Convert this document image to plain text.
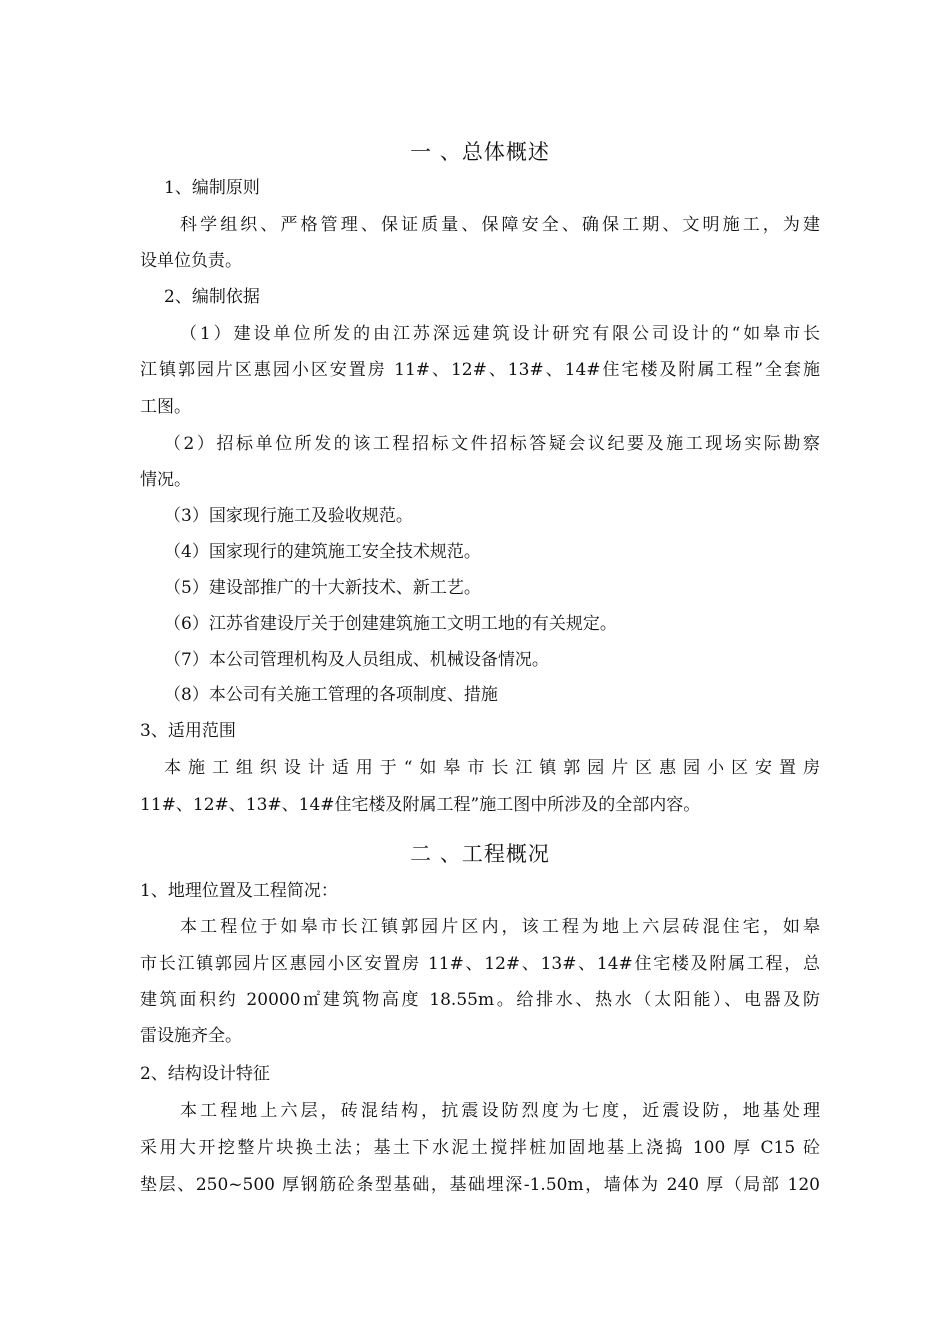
一 、总体概述
1、编制原则
科学组织、严格管理、保证质量、保障安全、确保工期、文明施工，为建
设单位负责。
2、编制依据
（1）建设单位所发的由江苏深远建筑设计研究有限公司设计的“如皋市长
江镇郭园片区惠园小区安置房 11#、12#、13#、14#住宅楼及附属工程”全套施
工图。
（2）招标单位所发的该工程招标文件招标答疑会议纪要及施工现场实际勘察
情况。
（3）国家现行施工及验收规范。
（4）国家现行的建筑施工安全技术规范。
（5）建设部推广的十大新技术、新工艺。
（6）江苏省建设厅关于创建建筑施工文明工地的有关规定。
（7）本公司管理机构及人员组成、机械设备情况。
（8）本公司有关施工管理的各项制度、措施
3、适用范围
本施工组织设计适用于“如皋市长江镇郭园片区惠园小区安置房
11#、12#、13#、14#住宅楼及附属工程”施工图中所涉及的全部内容。
二 、工程概况
1、地理位置及工程简况：
本工程位于如皋市长江镇郭园片区内，该工程为地上六层砖混住宅，如皋
市长江镇郭园片区惠园小区安置房 11#、12#、13#、14#住宅楼及附属工程，总
建筑面积约 20000㎡建筑物高度 18.55m。给排水、热水（太阳能）、电器及防
雷设施齐全。
2、结构设计特征
本工程地上六层，砖混结构，抗震设防烈度为七度，近震设防，地基处理
采用大开挖整片块换土法；基土下水泥土搅拌桩加固地基上浇捣 100 厚 C15 砼
垫层、250~500 厚钢筋砼条型基础，基础埋深-1.50m，墙体为 240 厚（局部 120
